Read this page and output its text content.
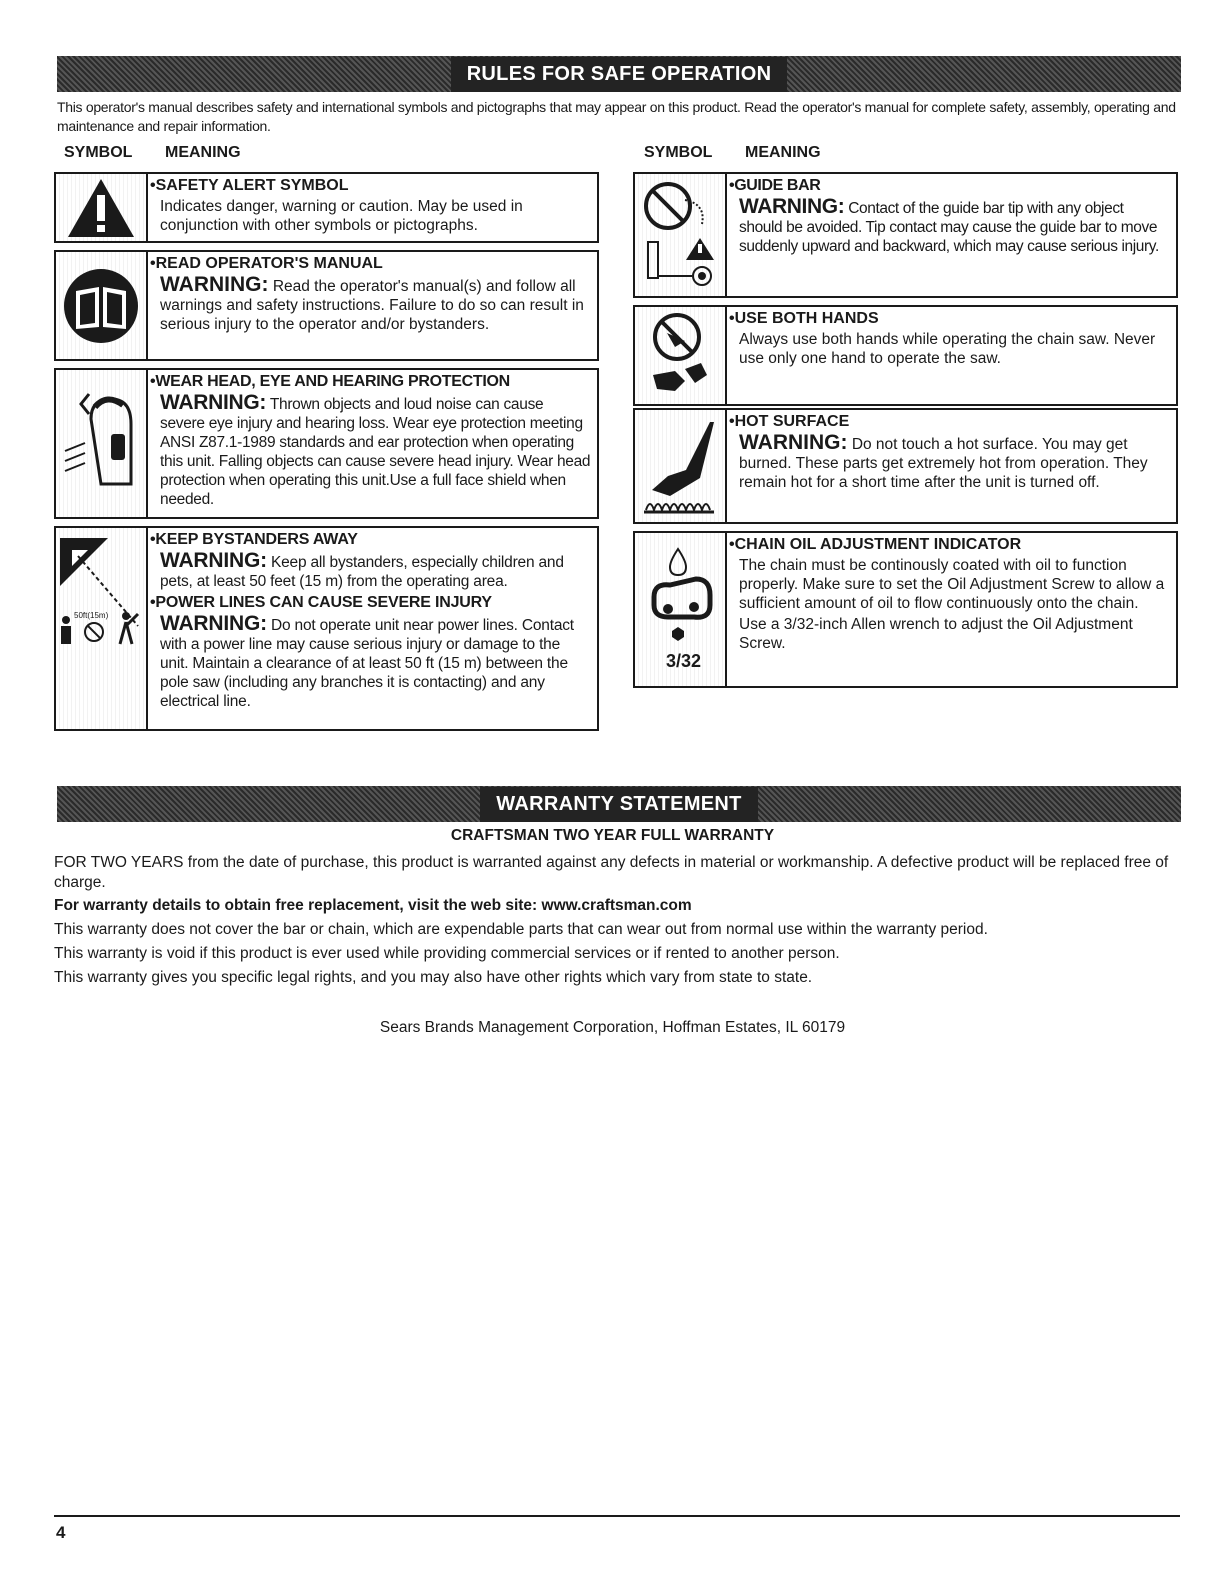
RULES FOR SAFE OPERATION
This operator's manual describes safety and international symbols and pictographs that may appear on this product. Read the operator's manual for complete safety, assembly, operating and maintenance and repair information.
SYMBOL MEANING	SYMBOL MEANING
• SAFETY ALERT SYMBOL

Indicates danger, warning or caution. May be used in conjunction with other symbols or pictographs.

• READ OPERATOR'S MANUAL

WARNING: Read the operator's manual(s) and follow all warnings and safety instructions. Failure to do so can result in serious injury to the operator and/or bystanders.

• WEAR HEAD, EYE AND HEARING PROTECTION

WARNING: Thrown objects and loud noise can cause severe eye injury and hearing loss. Wear eye protection meeting ANSI Z87.1-1989 standards and ear protection when operating this unit. Falling objects can cause severe head injury. Wear head protection when operating this unit.Use a full face shield when needed.

50ft(15m)
• KEEP BYSTANDERS AWAY

WARNING: Keep all bystanders, especially children and pets, at least 50 feet (15 m) from the operating area.

• POWER LINES CAN CAUSE SEVERE INJURY

WARNING: Do not operate unit near power lines. Contact with a power line may cause serious injury or damage to the unit. Maintain a clearance of at least 50 ft (15 m) between the pole saw (including any branches it is contacting) and any electrical line.

• GUIDE BAR

WARNING: Contact of the guide bar tip with any object should be avoided. Tip contact may cause the guide bar to move suddenly upward and backward, which may cause serious injury.

• USE BOTH HANDS

Always use both hands while operating the chain saw. Never use only one hand to operate the saw.

• HOT SURFACE

WARNING: Do not touch a hot surface. You may get burned. These parts get extremely hot from operation. They remain hot for a short time after the unit is turned off.

3/32
• CHAIN OIL ADJUSTMENT INDICATOR

The chain must be continously coated with oil to function properly. Make sure to set the Oil Adjustment Screw to allow a sufficient amount of oil to flow continuously onto the chain.

Use a 3/32-inch Allen wrench to adjust the Oil Adjustment Screw.

WARRANTY STATEMENT
CRAFTSMAN TWO YEAR FULL WARRANTY

FOR TWO YEARS from the date of purchase, this product is warranted against any defects in material or workmanship. A defective product will be replaced free of charge.

For warranty details to obtain free replacement, visit the web site: www.craftsman.com

This warranty does not cover the bar or chain, which are expendable parts that can wear out from normal use within the warranty period.

This warranty is void if this product is ever used while providing commercial services or if rented to another person.

This warranty gives you specific legal rights, and you may also have other rights which vary from state to state.

Sears Brands Management Corporation, Hoffman Estates, IL 60179
4
